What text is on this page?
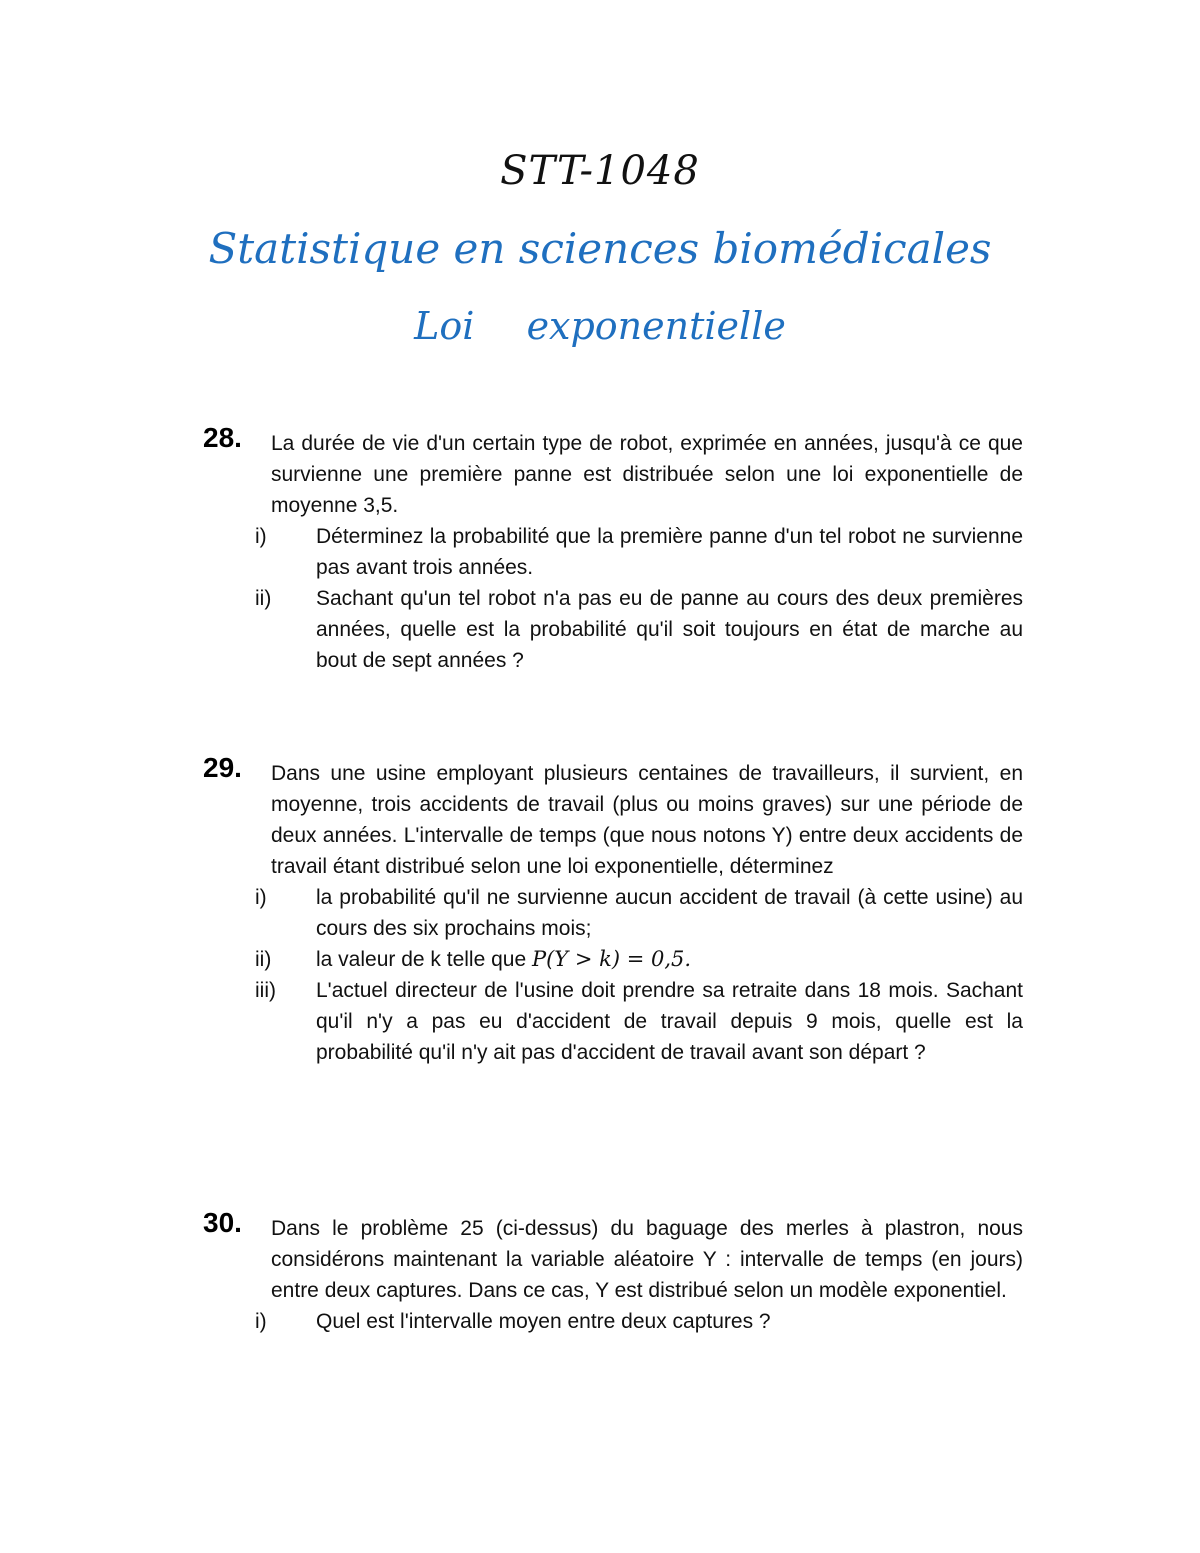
STT-1048
Statistique en sciences biomédicales
Loi  exponentielle
28. La durée de vie d'un certain type de robot, exprimée en années, jusqu'à ce que survienne une première panne est distribuée selon une loi exponentielle de moyenne 3,5.
i)	Déterminez la probabilité que la première panne d'un tel robot ne survienne pas avant trois années.
ii)	Sachant qu'un tel robot n'a pas eu de panne au cours des deux premières années, quelle est la probabilité qu'il soit toujours en état de marche au bout de sept années ?
29. Dans une usine employant plusieurs centaines de travailleurs, il survient, en moyenne, trois accidents de travail (plus ou moins graves) sur une période de deux années. L'intervalle de temps (que nous notons Y) entre deux accidents de travail étant distribué selon une loi exponentielle, déterminez
i)	la probabilité qu'il ne survienne aucun accident de travail (à cette usine) au cours des six prochains mois;
ii)	la valeur de k telle que P(Y > k) = 0,5.
iii)	L'actuel directeur de l'usine doit prendre sa retraite dans 18 mois. Sachant qu'il n'y a pas eu d'accident de travail depuis 9 mois, quelle est la probabilité qu'il n'y ait pas d'accident de travail avant son départ ?
30. Dans le problème 25 (ci-dessus) du baguage des merles à plastron, nous considérons maintenant la variable aléatoire Y : intervalle de temps (en jours) entre deux captures. Dans ce cas, Y est distribué selon un modèle exponentiel.
i)	Quel est l'intervalle moyen entre deux captures ?
